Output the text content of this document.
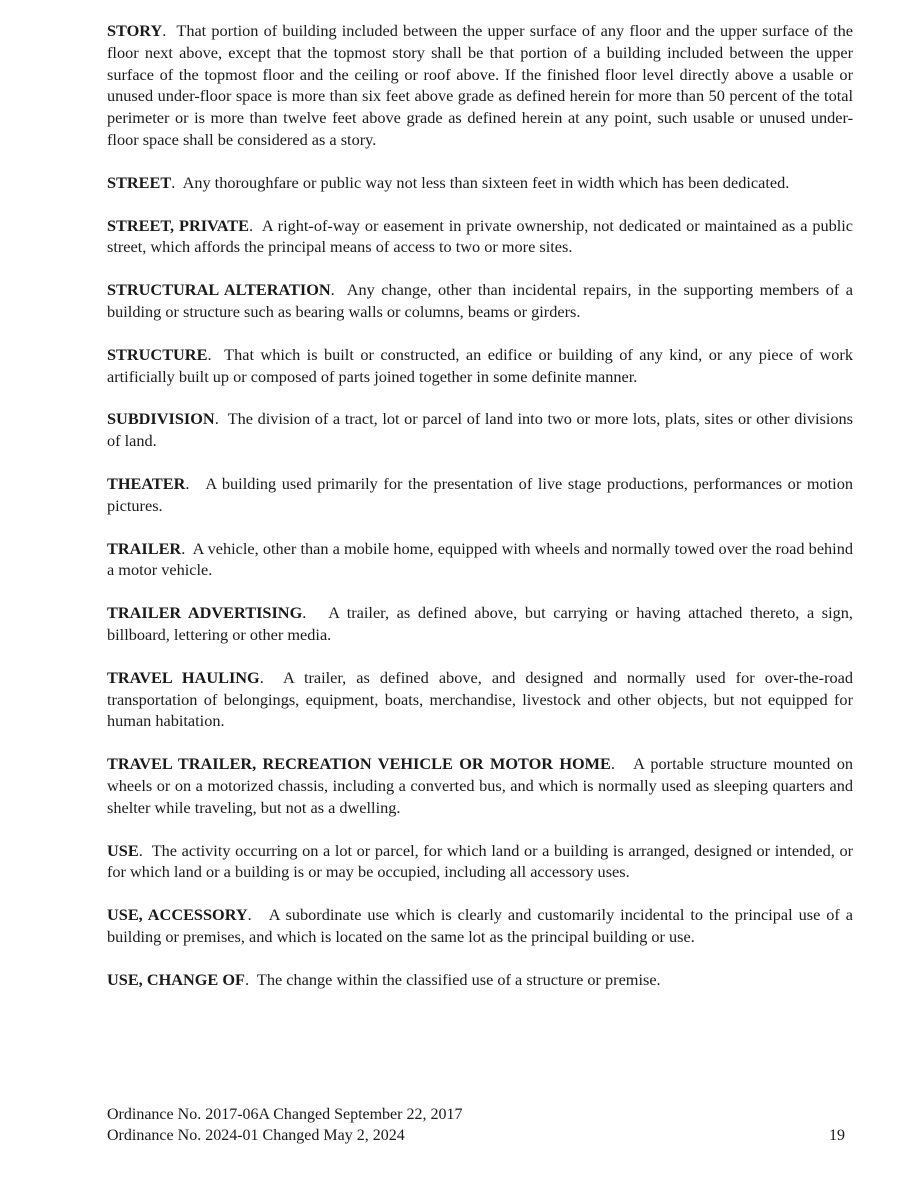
STORY.  That portion of building included between the upper surface of any floor and the upper surface of the floor next above, except that the topmost story shall be that portion of a building included between the upper surface of the topmost floor and the ceiling or roof above. If the finished floor level directly above a usable or unused under-floor space is more than six feet above grade as defined herein for more than 50 percent of the total perimeter or is more than twelve feet above grade as defined herein at any point, such usable or unused under-floor space shall be considered as a story.

STREET.  Any thoroughfare or public way not less than sixteen feet in width which has been dedicated.

STREET, PRIVATE.  A right-of-way or easement in private ownership, not dedicated or maintained as a public street, which affords the principal means of access to two or more sites.

STRUCTURAL ALTERATION.  Any change, other than incidental repairs, in the supporting members of a building or structure such as bearing walls or columns, beams or girders.

STRUCTURE.  That which is built or constructed, an edifice or building of any kind, or any piece of work artificially built up or composed of parts joined together in some definite manner.

SUBDIVISION.  The division of a tract, lot or parcel of land into two or more lots, plats, sites or other divisions of land.

THEATER.   A building used primarily for the presentation of live stage productions, performances or motion pictures.

TRAILER.  A vehicle, other than a mobile home, equipped with wheels and normally towed over the road behind a motor vehicle.

TRAILER ADVERTISING.   A trailer, as defined above, but carrying or having attached thereto, a sign, billboard, lettering or other media.

TRAVEL HAULING.  A trailer, as defined above, and designed and normally used for over-the-road transportation of belongings, equipment, boats, merchandise, livestock and other objects, but not equipped for human habitation.

TRAVEL TRAILER, RECREATION VEHICLE OR MOTOR HOME.   A portable structure mounted on wheels or on a motorized chassis, including a converted bus, and which is normally used as sleeping quarters and shelter while traveling, but not as a dwelling.

USE.  The activity occurring on a lot or parcel, for which land or a building is arranged, designed or intended, or for which land or a building is or may be occupied, including all accessory uses.

USE, ACCESSORY.   A subordinate use which is clearly and customarily incidental to the principal use of a building or premises, and which is located on the same lot as the principal building or use.

USE, CHANGE OF.  The change within the classified use of a structure or premise.

Ordinance No. 2017-06A Changed September 22, 2017
Ordinance No. 2024-01 Changed May 2, 2024	19
